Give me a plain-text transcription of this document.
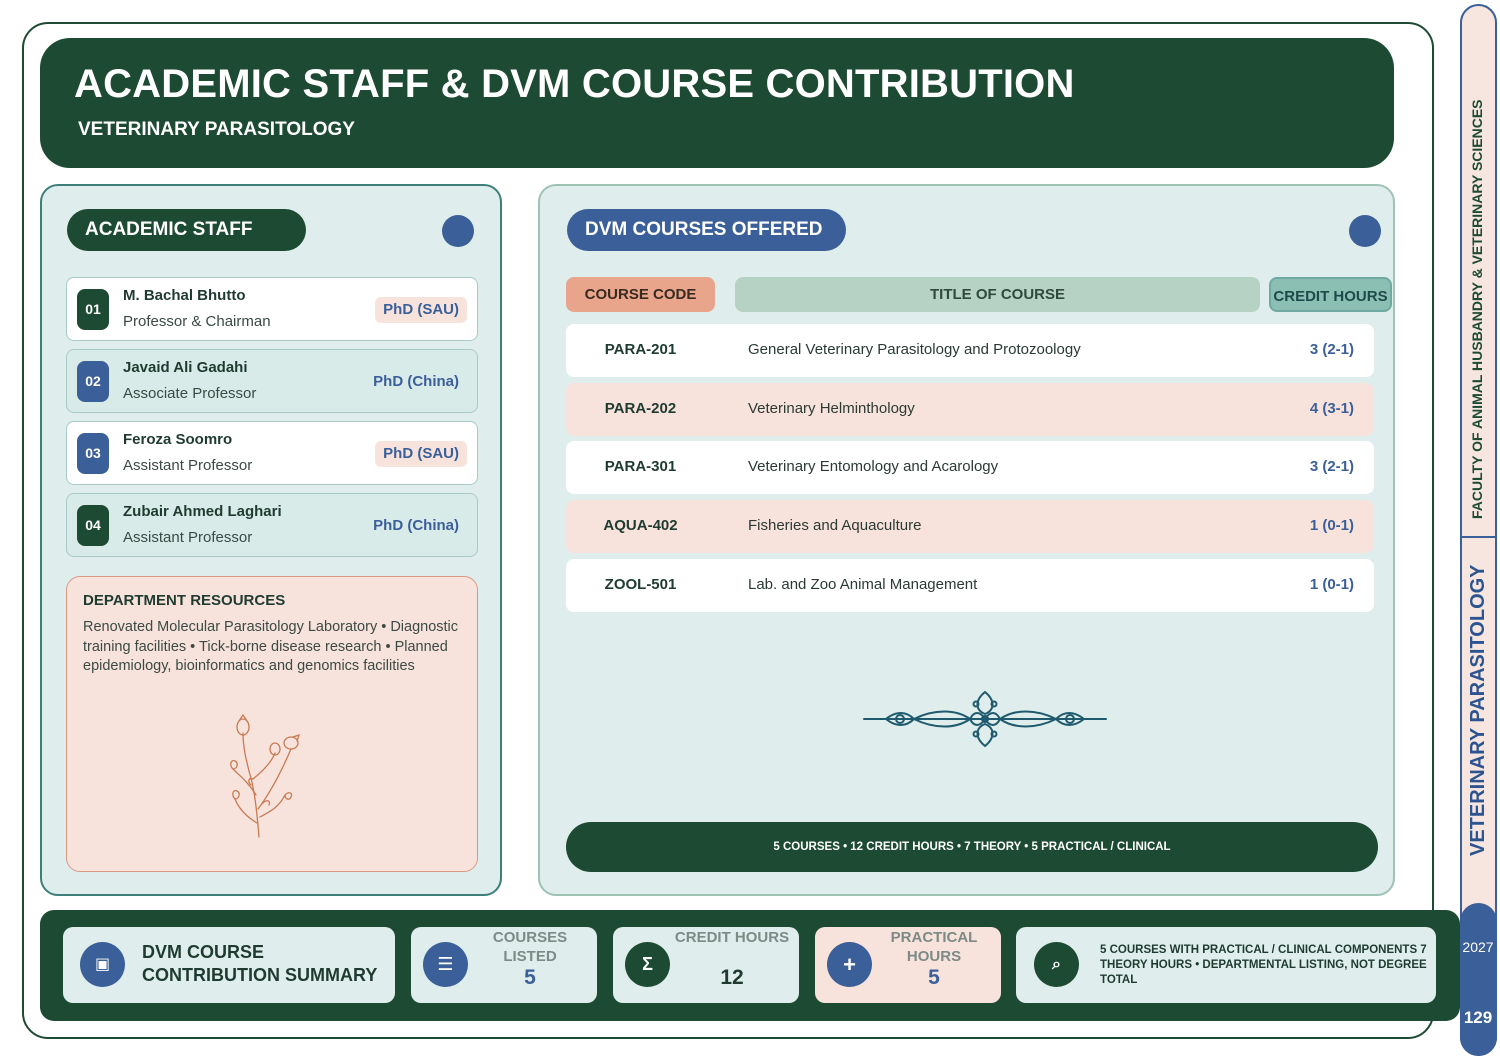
ACADEMIC STAFF & DVM COURSE CONTRIBUTION
VETERINARY PARASITOLOGY	FACULTY OF ANIMAL HUSBANDRY & VETERINARY SCIENCES
VETERINARY PARASITOLOGY
2027
129
ACADEMIC STAFF
01
M. Bachal Bhutto
Professor & Chairman
PhD (SAU)
02
Javaid Ali Gadahi
Associate Professor
PhD (China)
03
Feroza Soomro
Assistant Professor
PhD (SAU)
04
Zubair Ahmed Laghari
Assistant Professor
PhD (China)
DEPARTMENT RESOURCES

Renovated Molecular Parasitology Laboratory • Diagnostic training facilities • Tick-borne disease research • Planned epidemiology, bioinformatics and genomics facilities

DVM COURSES OFFERED
COURSE CODE	TITLE OF COURSE	CREDIT HOURS
PARA-201	General Veterinary Parasitology and Protozoology	3 (2-1)
PARA-202	Veterinary Helminthology	4 (3-1)
PARA-301	Veterinary Entomology and Acarology	3 (2-1)
AQUA-402	Fisheries and Aquaculture	1 (0-1)
ZOOL-501	Lab. and Zoo Animal Management	1 (0-1)
5 COURSES • 12 CREDIT HOURS • 7 THEORY • 5 PRACTICAL / CLINICAL
▣
DVM COURSE CONTRIBUTION SUMMARY
☰
COURSES LISTED
5
Σ
CREDIT HOURS
12
+
PRACTICAL HOURS
5
⌕
5 COURSES WITH PRACTICAL / CLINICAL COMPONENTS 7 THEORY HOURS • DEPARTMENTAL LISTING, NOT DEGREE TOTAL
